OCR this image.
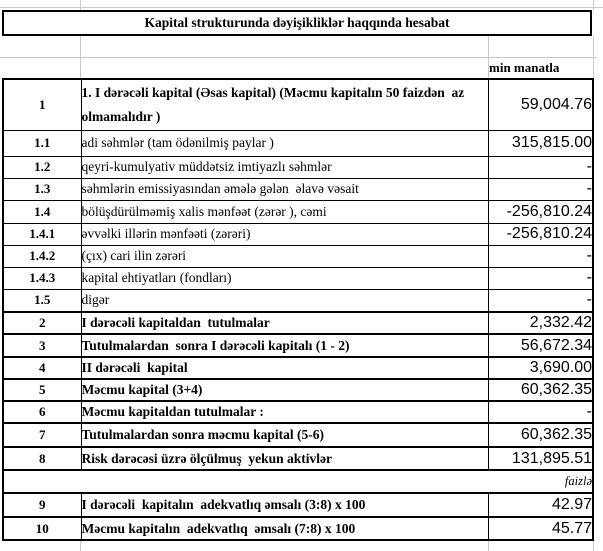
Kapital strukturunda dəyişikliklər haqqında hesabat
min manatla
1	1. I dərəcəli kapital (Əsas kapital) (Məcmu kapitalın 50 faizdən  az olmamalıdır )	59,004.76
1.1	adi səhmlər (tam ödənilmiş paylar )	315,815.00
1.2	qeyri-kumulyativ müddətsiz imtiyazlı səhmlər	-
1.3	səhmlərin emissiyasından əmələ gələn  əlavə vəsait	-
1.4	bölüşdürülməmiş xalis mənfəət (zərər ), cəmi	-256,810.24
1.4.1	əvvəlki illərin mənfəəti (zərəri)	-256,810.24
1.4.2	(çıx) cari ilin zərəri	-
1.4.3	kapital ehtiyatları (fondları)	-
1.5	digər	-
2	I dərəcəli kapitaldan  tutulmalar	2,332.42
3	Tutulmalardan  sonra I dərəcəli kapitalı (1 - 2)	56,672.34
4	II dərəcəli  kapital	3,690.00
5	Məcmu kapital (3+4)	60,362.35
6	Məcmu kapitaldan tutulmalar :	-
7	Tutulmalardan sonra məcmu kapital (5-6)	60,362.35
8	Risk dərəcəsi üzrə ölçülmuş  yekun aktivlər	131,895.51
faizlə		
9	I dərəcəli  kapitalın  adekvatlıq əmsalı (3:8) x 100	42.97
10	Məcmu kapitalın  adekvatlıq  əmsalı (7:8) x 100	45.77
